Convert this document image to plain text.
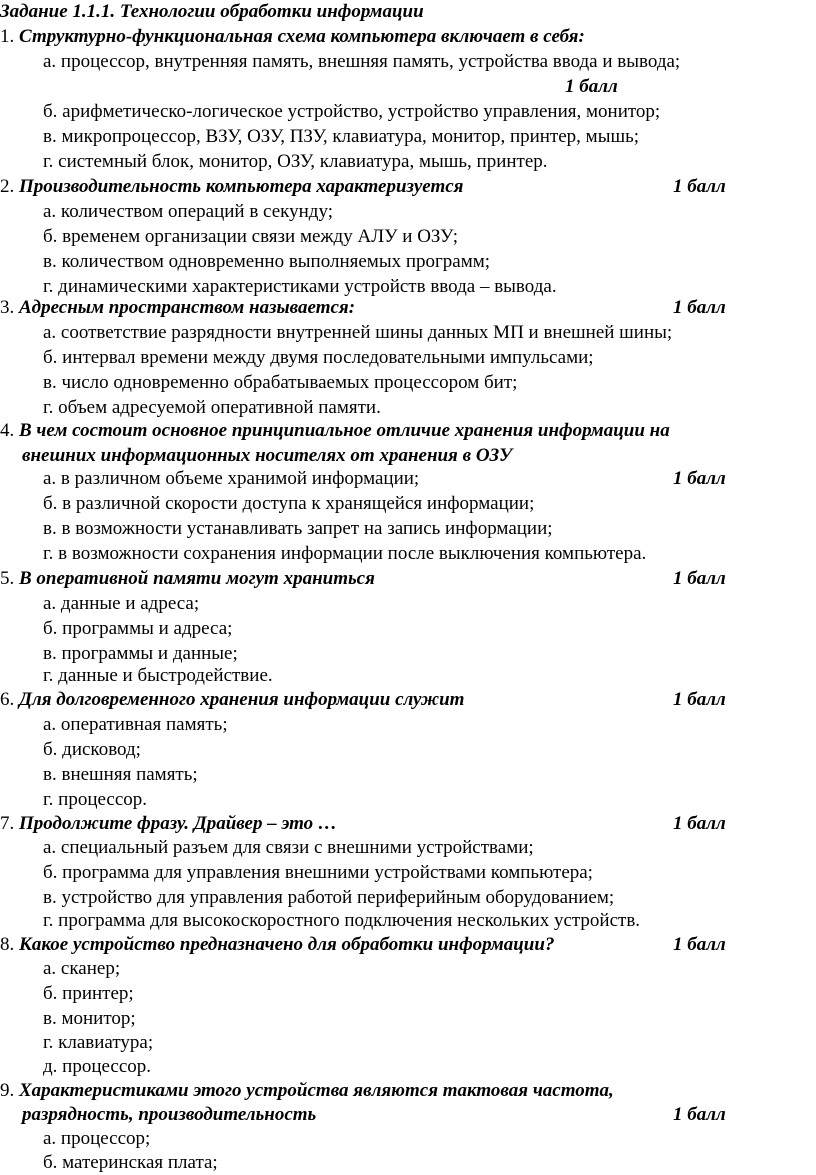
Задание 1.1.1. Технологии обработки информации
1. Структурно-функциональная схема компьютера включает в себя:
а. процессор, внутренняя память, внешняя память, устройства ввода и вывода;
1 балл
б. арифметическо-логическое устройство, устройство управления, монитор;
в. микропроцессор, ВЗУ, ОЗУ, ПЗУ, клавиатура, монитор, принтер, мышь;
г. системный блок, монитор, ОЗУ, клавиатура, мышь, принтер.
2. Производительность компьютера характеризуется	1 балл
а. количеством операций в секунду;
б. временем организации связи между АЛУ и ОЗУ;
в. количеством одновременно выполняемых программ;
г. динамическими характеристиками устройств ввода – вывода.
3. Адресным пространством называется:	1 балл
а. соответствие разрядности внутренней шины данных МП и внешней шины;
б. интервал времени между двумя последовательными импульсами;
в. число одновременно обрабатываемых процессором бит;
г. объем адресуемой оперативной памяти.
4. В чем состоит основное принципиальное отличие хранения информации на
внешних информационных носителях от хранения в ОЗУ
а. в различном объеме хранимой информации;	1 балл
б. в различной скорости доступа к хранящейся информации;
в. в возможности устанавливать запрет на запись информации;
г. в возможности сохранения информации после выключения компьютера.
5. В оперативной памяти могут храниться	1 балл
а. данные и адреса;
б. программы и адреса;
в. программы и данные;
г. данные и быстродействие.
6. Для долговременного хранения информации служит	1 балл
а. оперативная память;
б. дисковод;
в. внешняя память;
г. процессор.
7. Продолжите фразу. Драйвер – это …	1 балл
а. специальный разъем для связи с внешними устройствами;
б. программа для управления внешними устройствами компьютера;
в. устройство для управления работой периферийным оборудованием;
г. программа для высокоскоростного подключения нескольких устройств.
8. Какое устройство предназначено для обработки информации?	1 балл
а. сканер;
б. принтер;
в. монитор;
г. клавиатура;
д. процессор.
9. Характеристиками этого устройства являются тактовая частота,
разрядность, производительность	1 балл
а. процессор;
б. материнская плата;
